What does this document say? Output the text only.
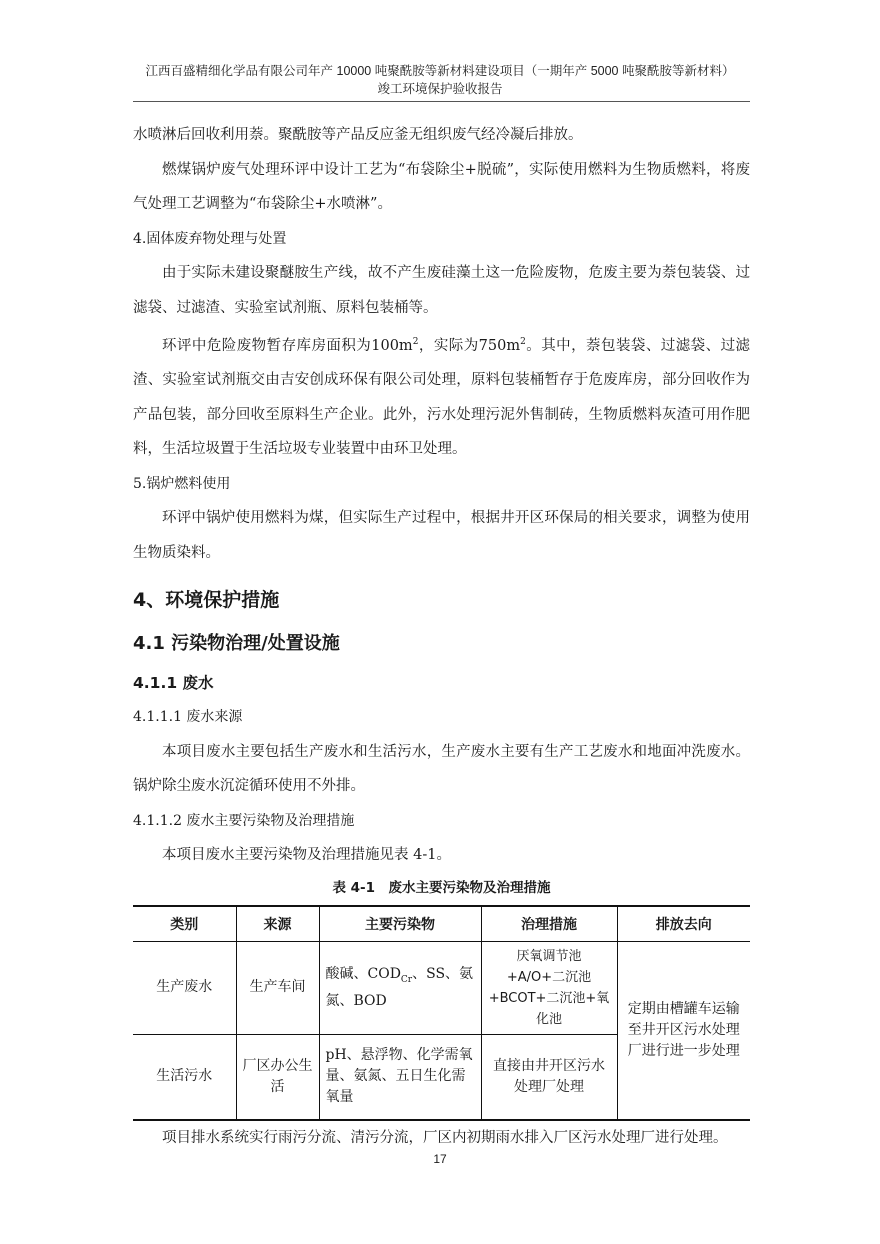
江西百盛精细化学品有限公司年产 10000 吨聚酰胺等新材料建设项目（一期年产 5000 吨聚酰胺等新材料）
竣工环境保护验收报告

水喷淋后回收利用萘。聚酰胺等产品反应釜无组织废气经冷凝后排放。

燃煤锅炉废气处理环评中设计工艺为“布袋除尘+脱硫”，实际使用燃料为生物质燃料，将废气处理工艺调整为“布袋除尘+水喷淋”。

4.固体废弃物处理与处置

由于实际未建设聚醚胺生产线，故不产生废硅藻土这一危险废物，危废主要为萘包装袋、过滤袋、过滤渣、实验室试剂瓶、原料包装桶等。

环评中危险废物暂存库房面积为$100m^2$，实际为$750m^2$。其中，萘包装袋、过滤袋、过滤渣、实验室试剂瓶交由吉安创成环保有限公司处理，原料包装桶暂存于危废库房，部分回收作为产品包装，部分回收至原料生产企业。此外，污水处理污泥外售制砖，生物质燃料灰渣可用作肥料，生活垃圾置于生活垃圾专业装置中由环卫处理。

5.锅炉燃料使用

环评中锅炉使用燃料为煤，但实际生产过程中，根据井开区环保局的相关要求，调整为使用生物质染料。

4、环境保护措施
4.1 污染物治理/处置设施
4.1.1 废水

4.1.1.1 废水来源

本项目废水主要包括生产废水和生活污水，生产废水主要有生产工艺废水和地面冲洗废水。锅炉除尘废水沉淀循环使用不外排。

4.1.1.2 废水主要污染物及治理措施

本项目废水主要污染物及治理措施见表 4-1。

表 4-1　废水主要污染物及治理措施
类别	来源	主要污染物	治理措施	排放去向
生产废水	生产车间	酸碱、$COD_{Cr}$、SS、氨氮、BOD	厌氧调节池+A/O+二沉池+BCOT+二沉池+氧化池	定期由槽罐车运输至井开区污水处理厂进行进一步处理
生活污水	厂区办公生活	pH、悬浮物、化学需氧量、氨氮、五日生化需氧量	直接由井开区污水处理厂处理	

项目排水系统实行雨污分流、清污分流，厂区内初期雨水排入厂区污水处理厂进行处理。

17
